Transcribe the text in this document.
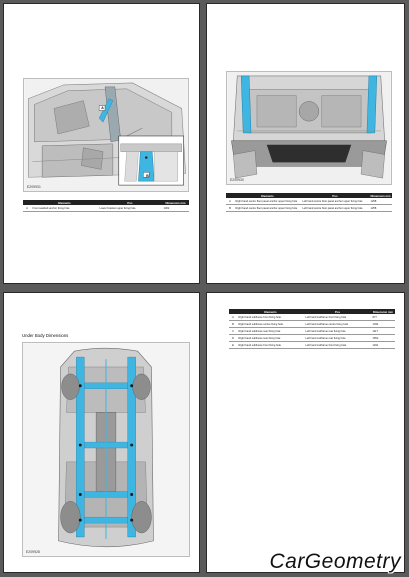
A
B
E209931
	Elements	Pos	Dimension mm
A	Front seatbelt anchor fixing hole	Lower bracket upper fixing hole	1302
E209930
	Elements	Pos	Dimension mm
A	Right hand centre floor panel anchor upper fixing hole	Left hand centre floor panel anchor upper fixing hole	1258
B	Right hand centre floor panel anchor upper fixing hole	Left hand centre floor panel anchor upper fixing hole	1258
Under Body Dimensions
E209928
	Elements	Pos	Dimension mm
A	Right hand subframe front fixing hole	Left hand subframe front fixing hole	877
B	Right hand subframe centre fixing hole	Left hand subframe centre fixing hole	1034
C	Right hand subframe rear fixing hole	Left hand subframe rear fixing hole	1117
D	Right hand subframe rear fixing hole	Left hand subframe rear fixing hole	1552
E	Right hand subframe front fixing hole	Left hand subframe front fixing hole	1162
CarGeometry
